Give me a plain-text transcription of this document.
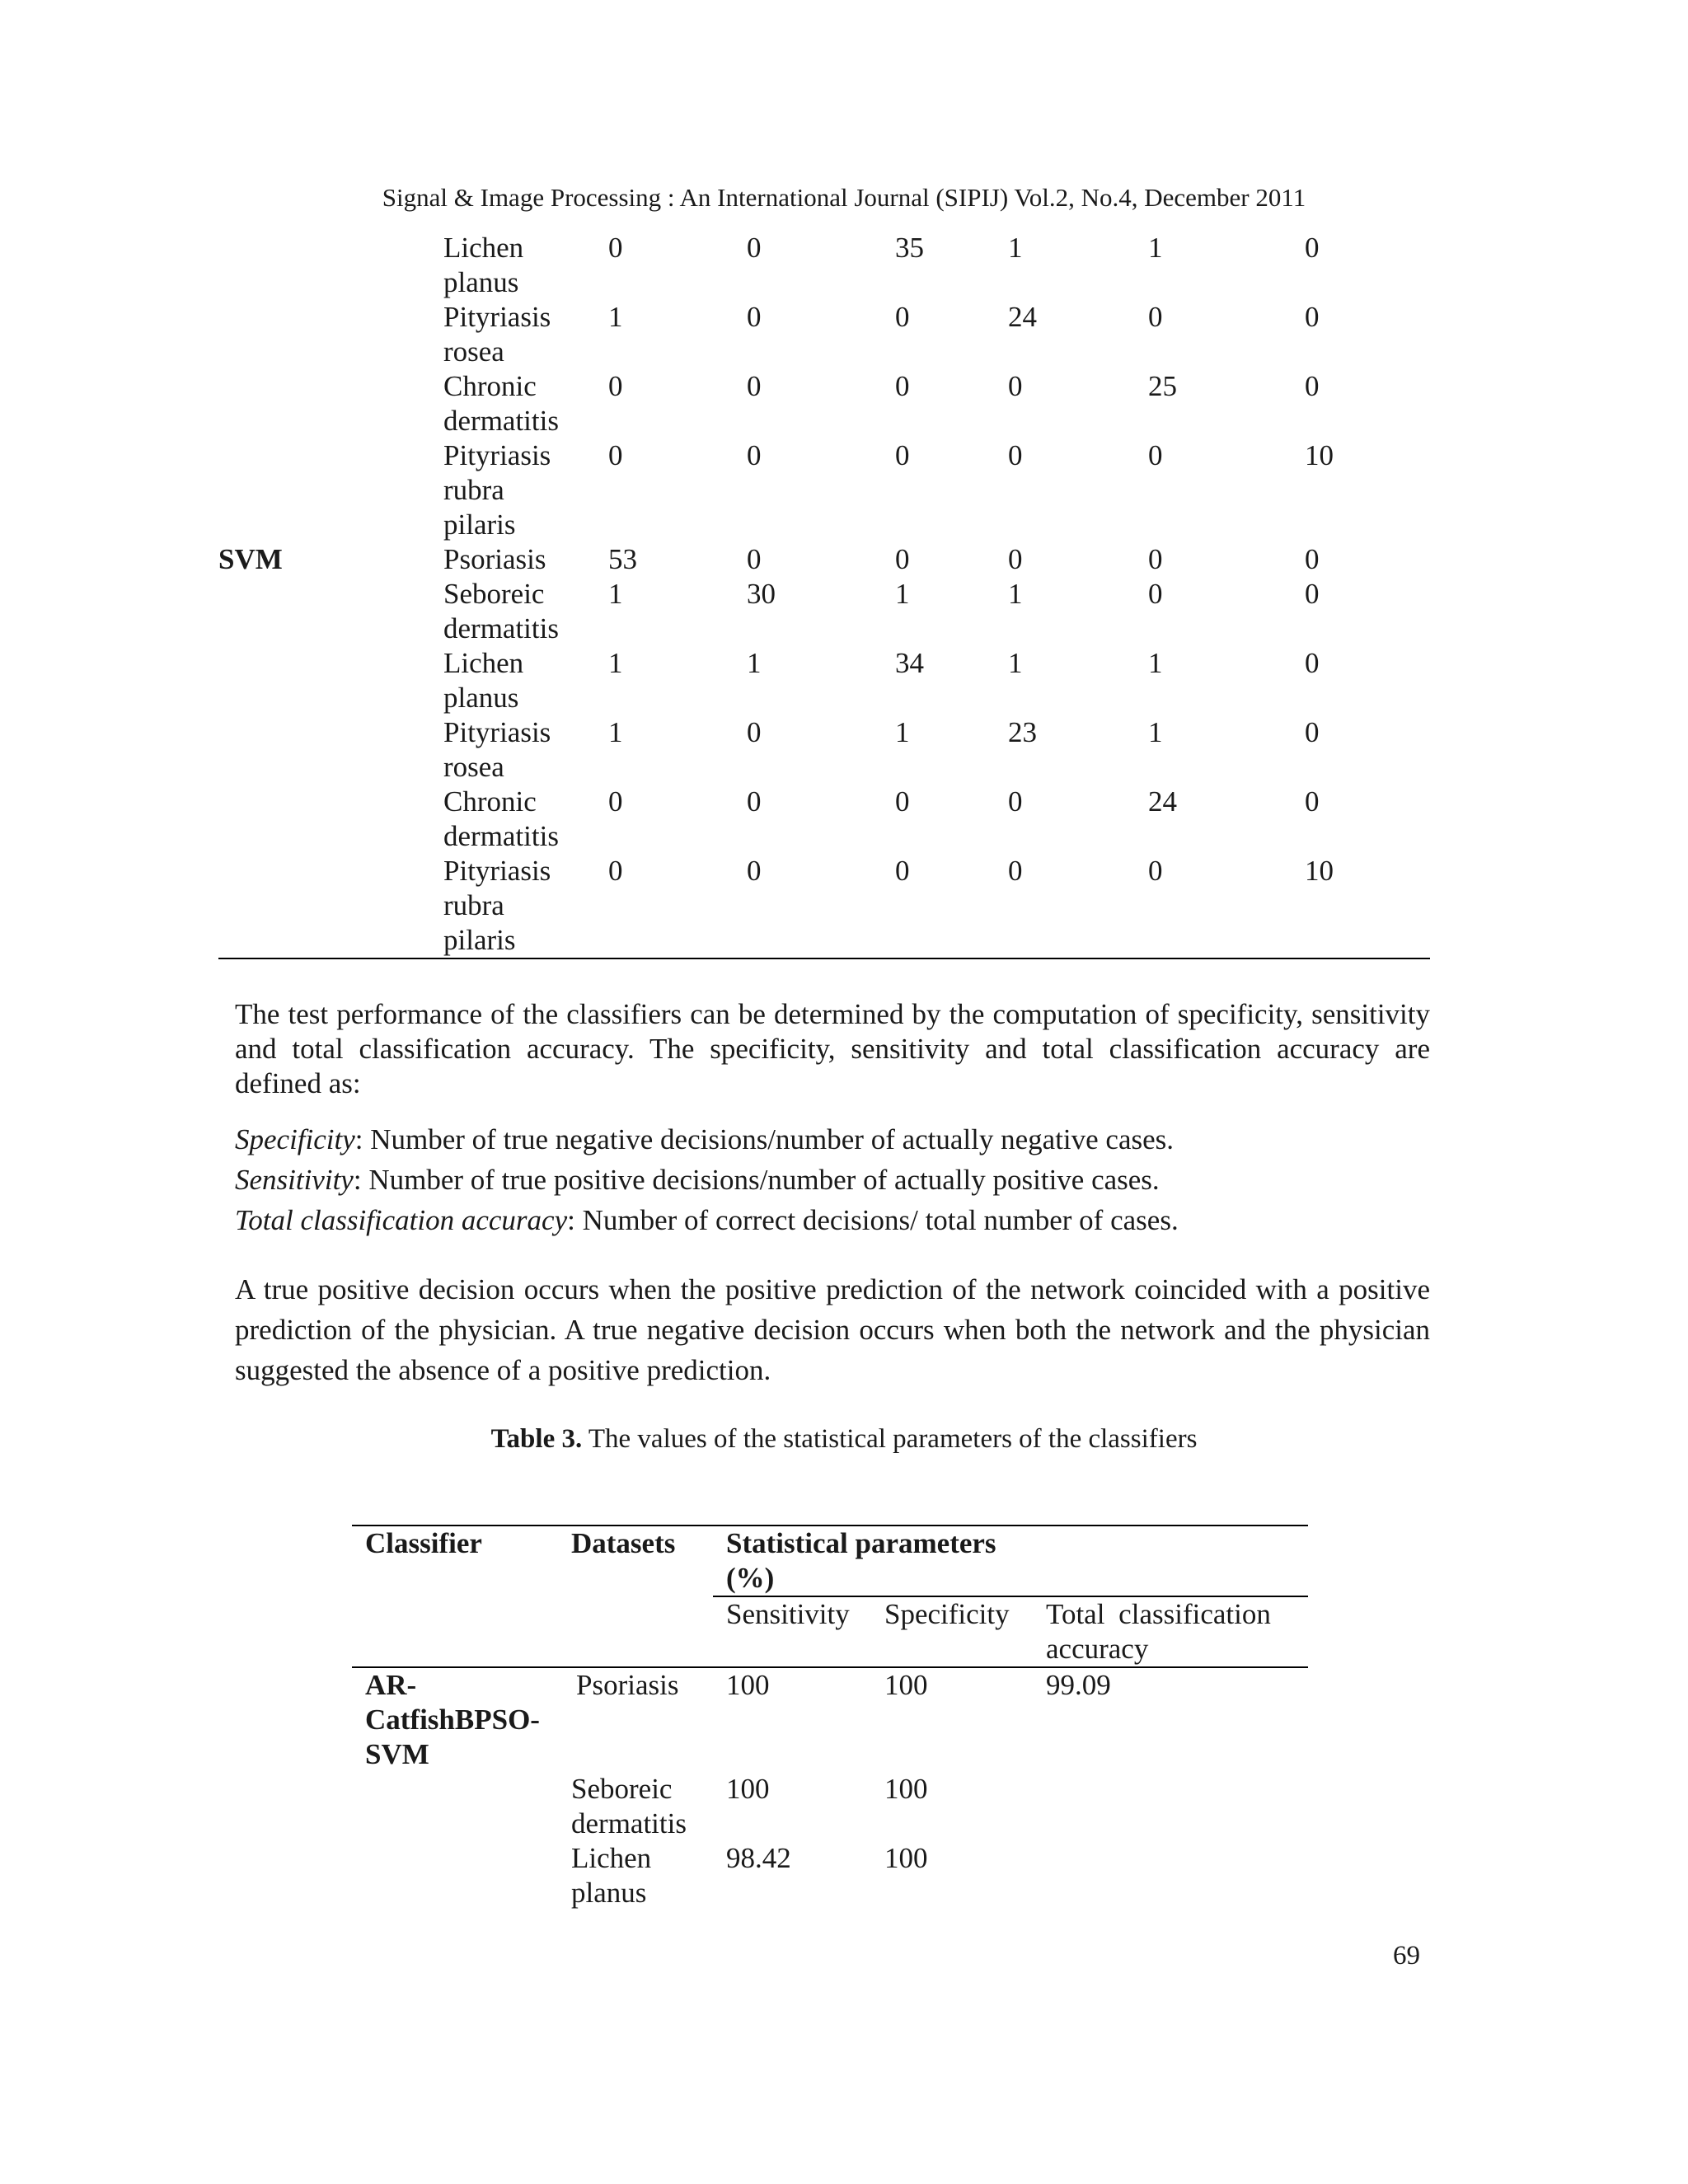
Signal & Image Processing : An International Journal (SIPIJ) Vol.2, No.4, December 2011

	Lichen
planus	0	0	35	1	1	0

	Pityriasis
rosea	1	0	0	24	0	0

	Chronic
dermatitis	0	0	0	0	25	0

	Pityriasis
rubra
pilaris	0	0	0	0	0	10
SVM	Psoriasis	53	0	0	0	0	0

	Seboreic
dermatitis	1	30	1	1	0	0

	Lichen
planus	1	1	34	1	1	0

	Pityriasis
rosea	1	0	1	23	1	0

	Chronic
dermatitis	0	0	0	0	24	0

	Pityriasis
rubra
pilaris	0	0	0	0	0	10
The test performance of the classifiers can be determined by the computation of specificity, sensitivity and total classification accuracy. The specificity, sensitivity and total classification accuracy are defined as:
Specificity: Number of true negative decisions/number of actually negative cases.
Sensitivity: Number of true positive decisions/number of actually positive cases.
Total classification accuracy: Number of correct decisions/ total number of cases.
A true positive decision occurs when the positive prediction of the network coincided with a positive prediction of the physician. A true negative decision occurs when both the network and the physician suggested the absence of a positive prediction.
Table 3. The values of the statistical parameters of the classifiers
Classifier	Datasets	Statistical parameters
(%)		

		Sensitivity	Specificity	Total classification
accuracy

AR-
CatfishBPSO-
SVM	Psoriasis	100	100	99.09

	Seboreic
dermatitis	100	100	

	Lichen
planus	98.42	100	
69
